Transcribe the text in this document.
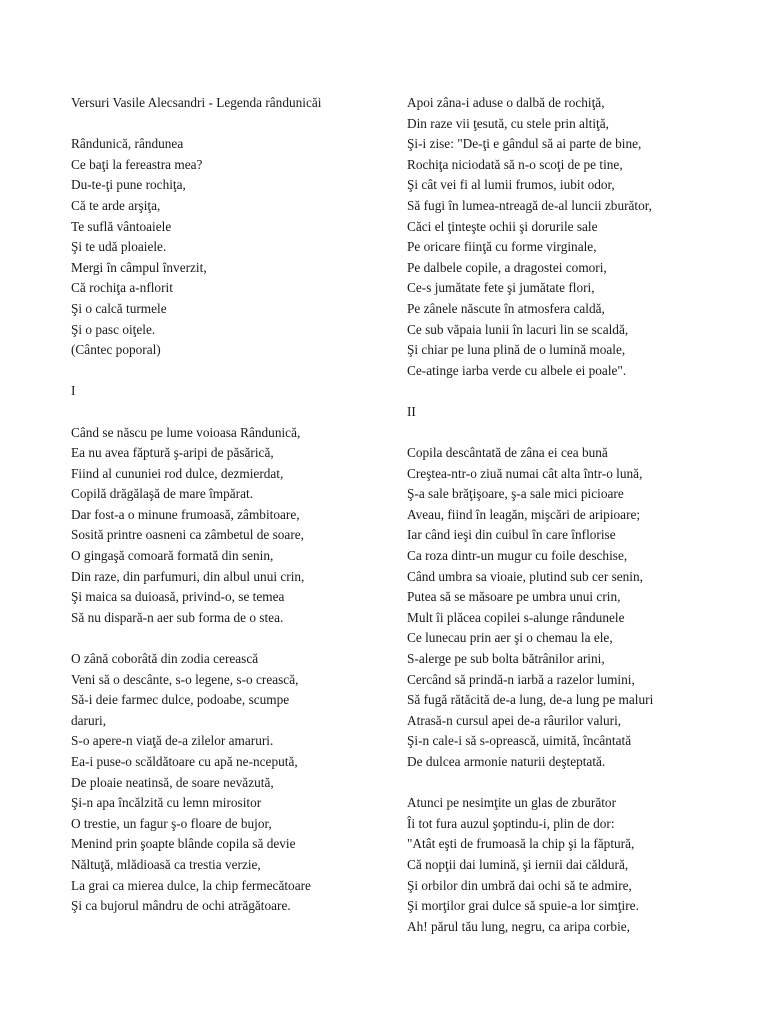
Versuri Vasile Alecsandri - Legenda rândunicăi
Rândunică, rândunea
Ce baţi la fereastra mea?
Du-te-ţi pune rochiţa,
Că te arde arşiţa,
Te suflă vântoaiele
Şi te udă ploaiele.
Mergi în câmpul înverzit,
Că rochiţa a-nflorit
Şi o calcă turmele
Şi o pasc oiţele.
(Cântec poporal)
I
Când se născu pe lume voioasa Rândunică,
Ea nu avea făptură ş-aripi de păsărică,
Fiind al cununiei rod dulce, dezmierdat,
Copilă drăgălaşă de mare împărat.
Dar fost-a o minune frumoasă, zâmbitoare,
Sosită printre oasneni ca zâmbetul de soare,
O gingaşă comoară formată din senin,
Din raze, din parfumuri, din albul unui crin,
Şi maica sa duioasă, privind-o, se temea
Să nu dispară-n aer sub forma de o stea.
O zână coborâtă din zodia cerească
Veni să o descânte, s-o legene, s-o crească,
Să-i deie farmec dulce, podoabe, scumpe
daruri,
S-o apere-n viaţă de-a zilelor amaruri.
Ea-i puse-o scăldătoare cu apă ne-ncepută,
De ploaie neatinsă, de soare nevăzută,
Şi-n apa încălzită cu lemn mirositor
O trestie, un fagur ş-o floare de bujor,
Menind prin şoapte blânde copila să devie
Năltuţă, mlădioasă ca trestia verzie,
La grai ca mierea dulce, la chip fermecătoare
Şi ca bujorul mândru de ochi atrăgătoare.
Apoi zâna-i aduse o dalbă de rochiţă,
Din raze vii ţesută, cu stele prin altiţă,
Şi-i zise: "De-ţi e gândul să ai parte de bine,
Rochiţa niciodată să n-o scoţi de pe tine,
Şi cât vei fi al lumii frumos, iubit odor,
Să fugi în lumea-ntreagă de-al luncii zburător,
Căci el ţinteşte ochii şi dorurile sale
Pe oricare fiinţă cu forme virginale,
Pe dalbele copile, a dragostei comori,
Ce-s jumătate fete şi jumătate flori,
Pe zânele născute în atmosfera caldă,
Ce sub văpaia lunii în lacuri lin se scaldă,
Şi chiar pe luna plină de o lumină moale,
Ce-atinge iarba verde cu albele ei poale".
II
Copila descântată de zâna ei cea bună
Creştea-ntr-o ziuă numai cât alta într-o lună,
Ş-a sale brăţişoare, ş-a sale mici picioare
Aveau, fiind în leagăn, mişcări de aripioare;
Iar când ieşi din cuibul în care înflorise
Ca roza dintr-un mugur cu foile deschise,
Când umbra sa vioaie, plutind sub cer senin,
Putea să se măsoare pe umbra unui crin,
Mult îi plăcea copilei s-alunge rândunele
Ce lunecau prin aer şi o chemau la ele,
S-alerge pe sub bolta bătrânilor arini,
Cercând să prindă-n iarbă a razelor lumini,
Să fugă rătăcită de-a lung, de-a lung pe maluri
Atrasă-n cursul apei de-a râurilor valuri,
Şi-n cale-i să s-oprească, uimită, încântată
De dulcea armonie naturii deşteptată.
Atunci pe nesimţite un glas de zburător
Îi tot fura auzul şoptindu-i, plin de dor:
"Atât eşti de frumoasă la chip şi la făptură,
Că nopţii dai lumină, şi iernii dai căldură,
Şi orbilor din umbră dai ochi să te admire,
Şi morţilor grai dulce să spuie-a lor simţire.
Ah! părul tău lung, negru, ca aripa corbie,
